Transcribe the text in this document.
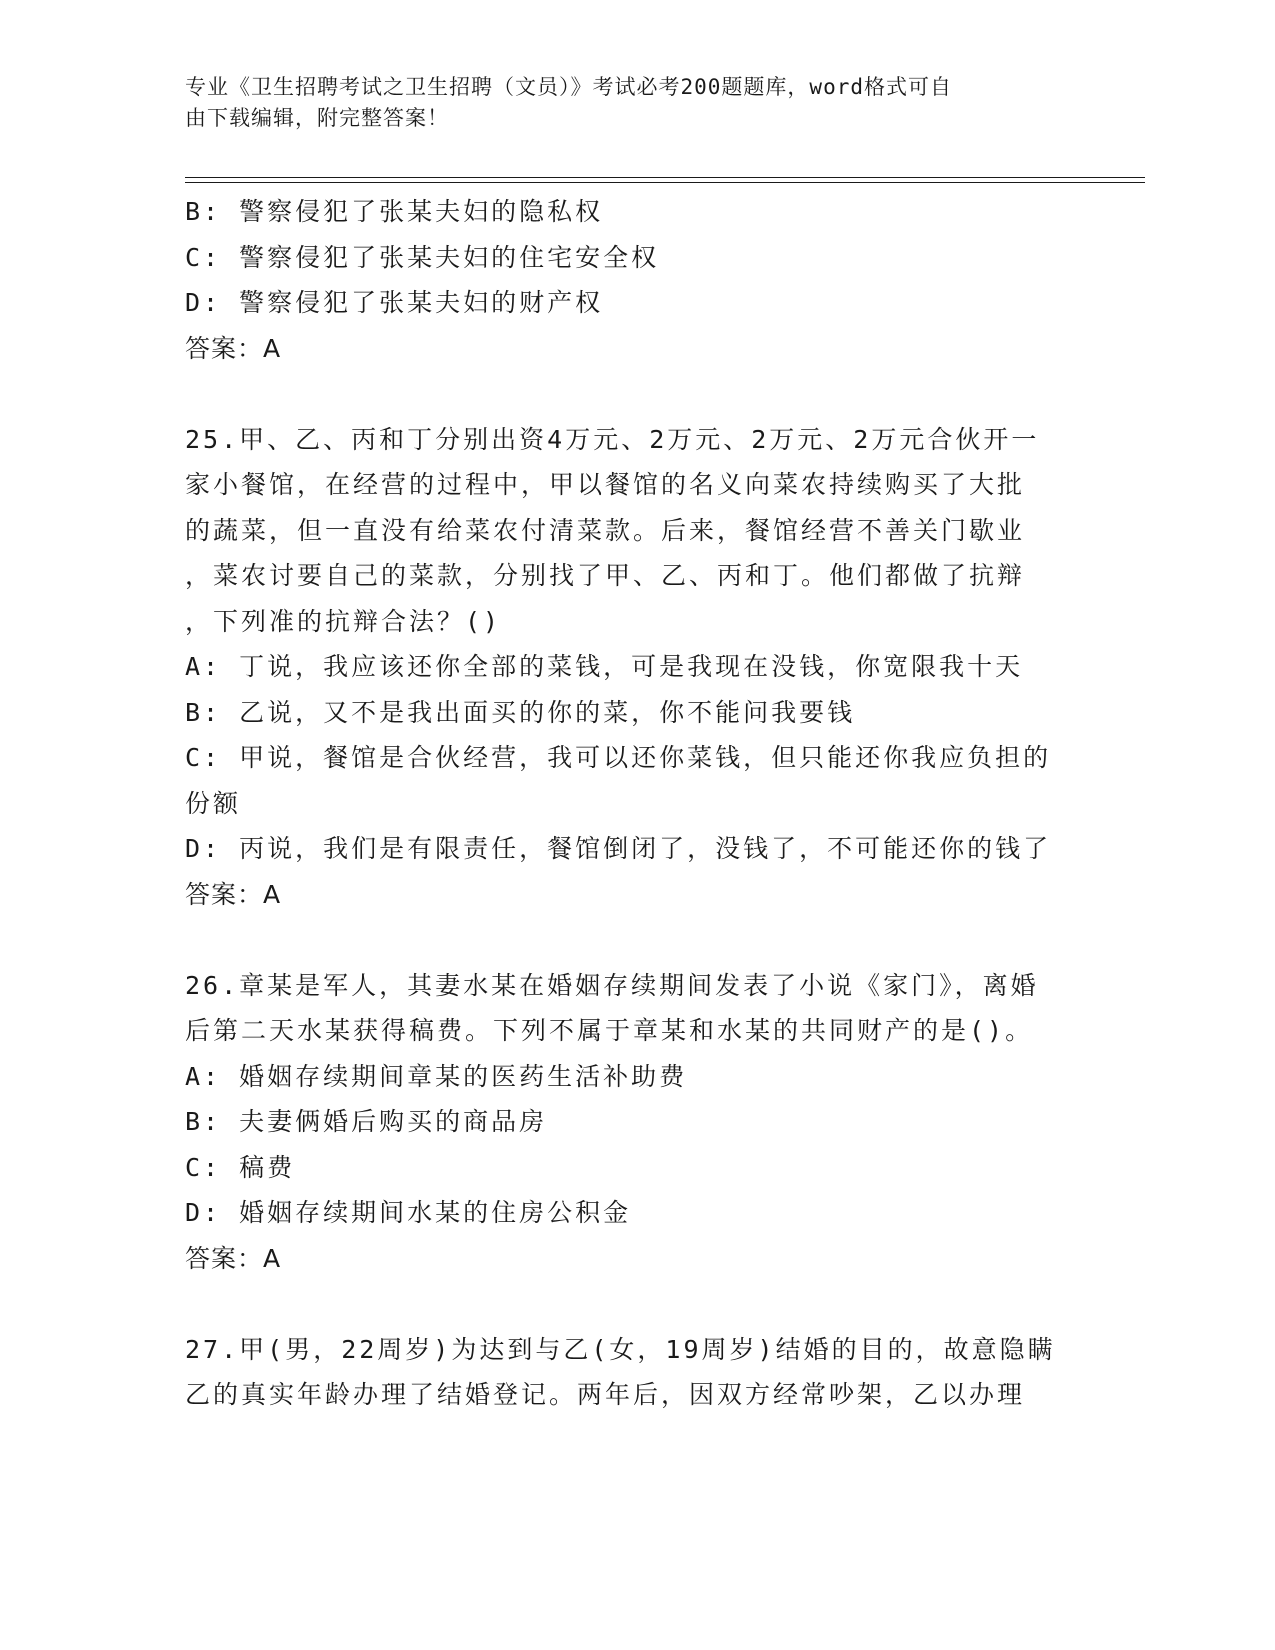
专业《卫生招聘考试之卫生招聘（文员）》考试必考200题题库，word格式可自
由下载编辑，附完整答案！
B: 警察侵犯了张某夫妇的隐私权
C: 警察侵犯了张某夫妇的住宅安全权
D: 警察侵犯了张某夫妇的财产权
答案：A
25.甲、乙、丙和丁分别出资4万元、2万元、2万元、2万元合伙开一
家小餐馆，在经营的过程中，甲以餐馆的名义向菜农持续购买了大批
的蔬菜，但一直没有给菜农付清菜款。后来，餐馆经营不善关门歇业
，菜农讨要自己的菜款，分别找了甲、乙、丙和丁。他们都做了抗辩
，下列准的抗辩合法？()
A: 丁说，我应该还你全部的菜钱，可是我现在没钱，你宽限我十天
B: 乙说，又不是我出面买的你的菜，你不能问我要钱
C: 甲说，餐馆是合伙经营，我可以还你菜钱，但只能还你我应负担的
份额
D: 丙说，我们是有限责任，餐馆倒闭了，没钱了，不可能还你的钱了
答案：A
26.章某是军人，其妻水某在婚姻存续期间发表了小说《家门》，离婚
后第二天水某获得稿费。下列不属于章某和水某的共同财产的是()。
A: 婚姻存续期间章某的医药生活补助费
B: 夫妻俩婚后购买的商品房
C: 稿费
D: 婚姻存续期间水某的住房公积金
答案：A
27.甲(男，22周岁)为达到与乙(女，19周岁)结婚的目的，故意隐瞒
乙的真实年龄办理了结婚登记。两年后，因双方经常吵架，乙以办理
